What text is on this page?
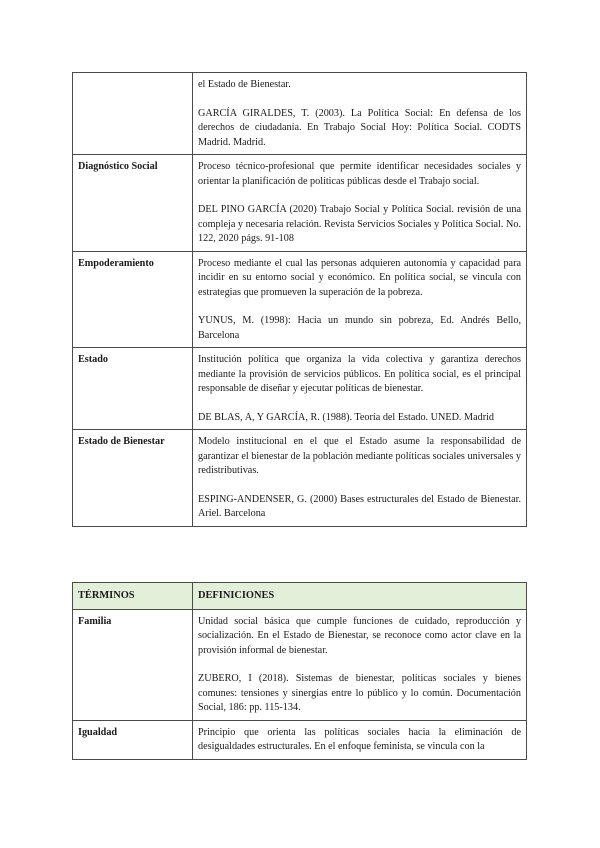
	el Estado de Bienestar.

GARCÍA GIRALDES, T. (2003). La Política Social: En defensa de los derechos de ciudadanía. En Trabajo Social Hoy: Política Social. CODTS Madrid. Madrid.

Diagnóstico Social	Proceso técnico-profesional que permite identificar necesidades sociales y orientar la planificación de políticas públicas desde el Trabajo social.

DEL PINO GARCÍA (2020) Trabajo Social y Política Social. revisión de una compleja y necesaria relación. Revista Servicios Sociales y Política Social. No. 122, 2020 págs. 91-108

Empoderamiento	Proceso mediante el cual las personas adquieren autonomía y capacidad para incidir en su entorno social y económico. En política social, se vincula con estrategias que promueven la superación de la pobreza.

YUNUS, M. (1998): Hacia un mundo sin pobreza, Ed. Andrés Bello, Barcelona

Estado	Institución política que organiza la vida colectiva y garantiza derechos mediante la provisión de servicios públicos. En política social, es el principal responsable de diseñar y ejecutar políticas de bienestar.

DE BLAS, A, Y GARCÍA, R. (1988). Teoría del Estado. UNED. Madrid

Estado de Bienestar	Modelo institucional en el que el Estado asume la responsabilidad de garantizar el bienestar de la población mediante políticas sociales universales y redistributivas.

ESPING-ANDENSER, G. (2000) Bases estructurales del Estado de Bienestar. Ariel. Barcelona

TÉRMINOS	DEFINICIONES
Familia	Unidad social básica que cumple funciones de cuidado, reproducción y socialización. En el Estado de Bienestar, se reconoce como actor clave en la provisión informal de bienestar.

ZUBERO, I (2018). Sistemas de bienestar, políticas sociales y bienes comunes: tensiones y sinergias entre lo público y lo común. Documentación Social, 186: pp. 115-134.

Igualdad	Principio que orienta las políticas sociales hacia la eliminación de desigualdades estructurales. En el enfoque feminista, se vincula con la
